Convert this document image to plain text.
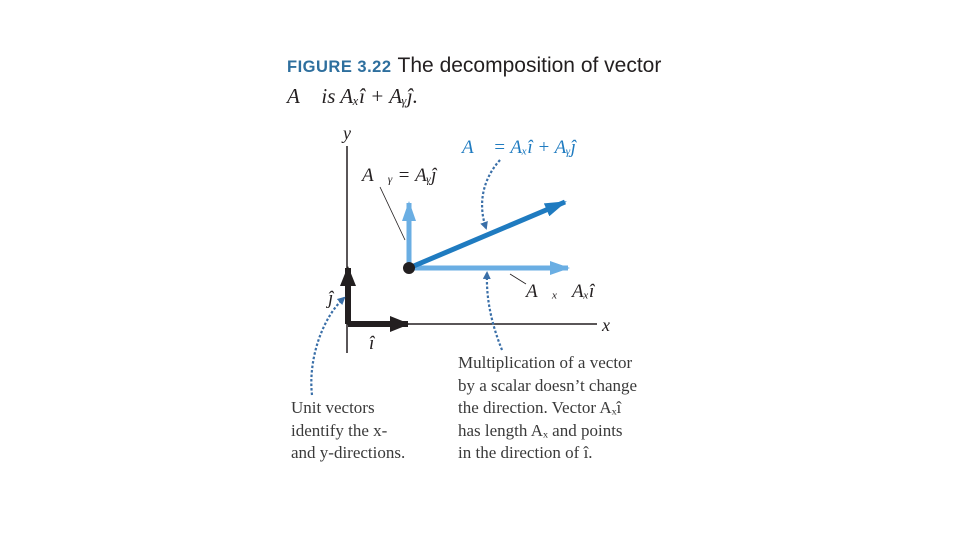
FIGURE 3.22 The decomposition of vector
A⃗ is Aₓî + Aᵧĵ.
y
x
ĵ
î
A⃗ = Aₓî + Aᵧĵ
A⃗ᵧ = Aᵧĵ
A⃗ₓ Aₓî
Multiplication of a vector
by a scalar doesn’t change
the direction. Vector Aₓî
has length Aₓ and points
in the direction of î.
Unit vectors
identify the x-
and y-directions.
